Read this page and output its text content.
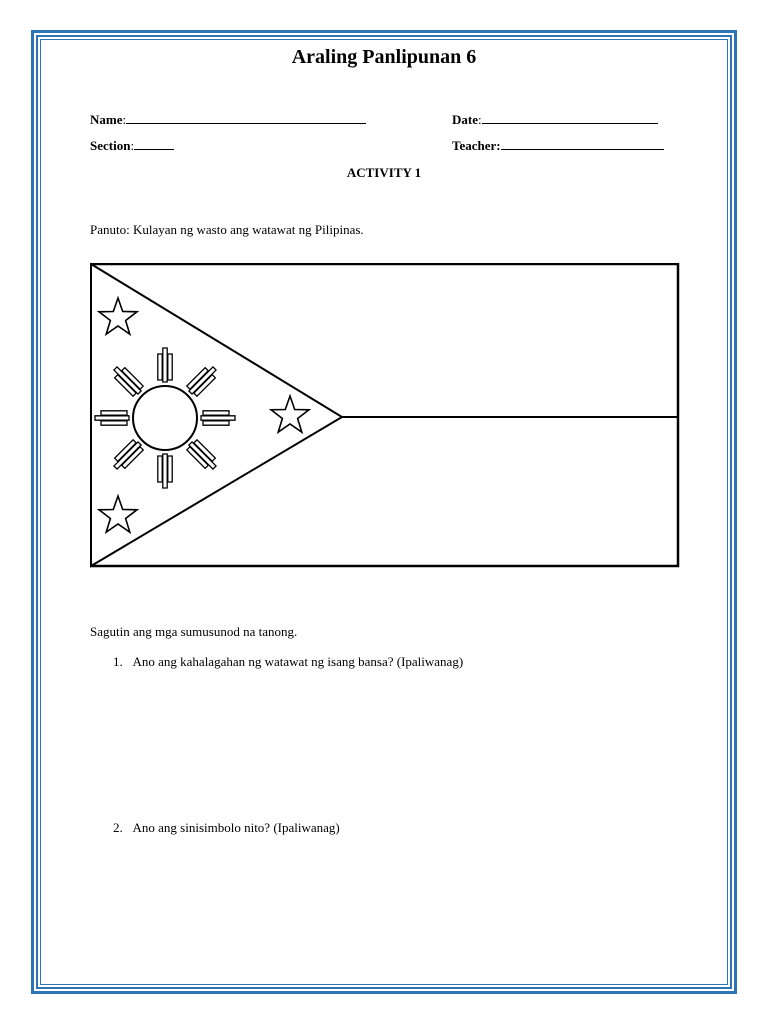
Araling Panlipunan 6
Name:	Date:
Section:	Teacher:
ACTIVITY 1
Panuto: Kulayan ng wasto ang watawat ng Pilipinas.
Sagutin ang mga sumusunod na tanong.
1. Ano ang kahalagahan ng watawat ng isang bansa? (Ipaliwanag)
2. Ano ang sinisimbolo nito? (Ipaliwanag)
